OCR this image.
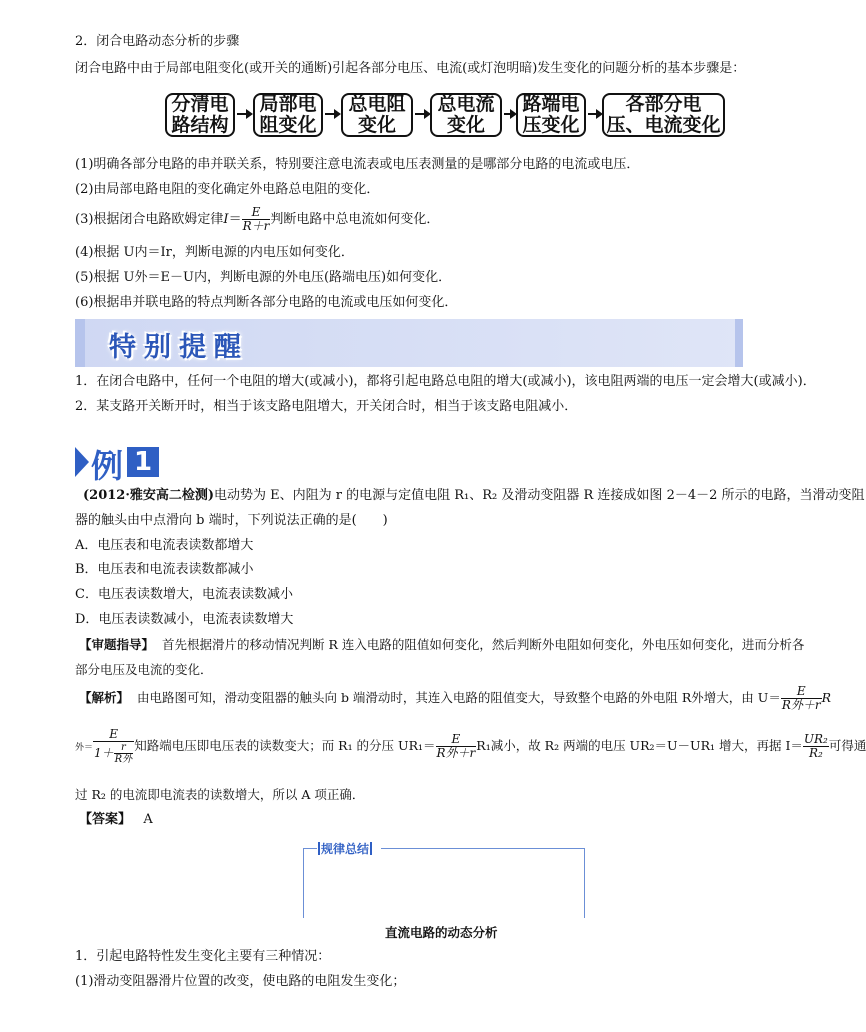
2．闭合电路动态分析的步骤
闭合电路中由于局部电阻变化(或开关的通断)引起各部分电压、电流(或灯泡明暗)发生变化的问题分析的基本步骤是：
分清电
路结构
局部电
阻变化
总电阻
变化
总电流
变化
路端电
压变化
各部分电
压、电流变化
(1)明确各部分电路的串并联关系，特别要注意电流表或电压表测量的是哪部分电路的电流或电压．
(2)由局部电路电阻的变化确定外电路总电阻的变化．
(3)根据闭合电路欧姆定律$I= \frac{E}{R+r}$ 判断电路中总电流如何变化．
(4)根据 U内＝Ir，判断电源的内电压如何变化．
(5)根据 U外＝E－U内，判断电源的外电压(路端电压)如何变化．
(6)根据串并联电路的特点判断各部分电路的电流或电压如何变化．
特别提醒
1．在闭合电路中，任何一个电阻的增大(或减小)，都将引起电路总电阻的增大(或减小)，该电阻两端的电压一定会增大(或减小)．
2．某支路开关断开时，相当于该支路电阻增大，开关闭合时，相当于该支路电阻减小．
例 1
(2012·雅安高二检测)电动势为 E、内阻为 r 的电源与定值电阻 R₁、R₂ 及滑动变阻器 R 连接成如图 2－4－2 所示的电路，当滑动变阻
器的触头由中点滑向 b 端时，下列说法正确的是(　　)
A．电压表和电流表读数都增大
B．电压表和电流表读数都减小
C．电压表读数增大，电流表读数减小
D．电压表读数减小，电流表读数增大
【审题指导】 首先根据滑片的移动情况判断 R 连入电路的阻值如何变化，然后判断外电阻如何变化，外电压如何变化，进而分析各
部分电压及电流的变化．
【解析】 由电路图可知，滑动变阻器的触头向 b 端滑动时，其连入电路的阻值变大，导致整个电路的外电阻 R外增大，由 $U= \frac{E}{\text{R外＋r}}$ R
外＝ $\frac{E}{1+ \frac{r}{\text{R外}}}$ 知路端电压即电压表的读数变大；而 R₁ 的分压 $UR_1= \frac{E}{\text{R外＋r}} R_1$减小，故 R₂ 两端的电压 UR₂＝U－UR₁ 增大，再据 $I= \frac{\text{UR₂}}{\text{R₂}}$ 可得通
过 R₂ 的电流即电流表的读数增大，所以 A 项正确．
【答案】 A
规律总结
直流电路的动态分析
1．引起电路特性发生变化主要有三种情况：
(1)滑动变阻器滑片位置的改变，使电路的电阻发生变化；
